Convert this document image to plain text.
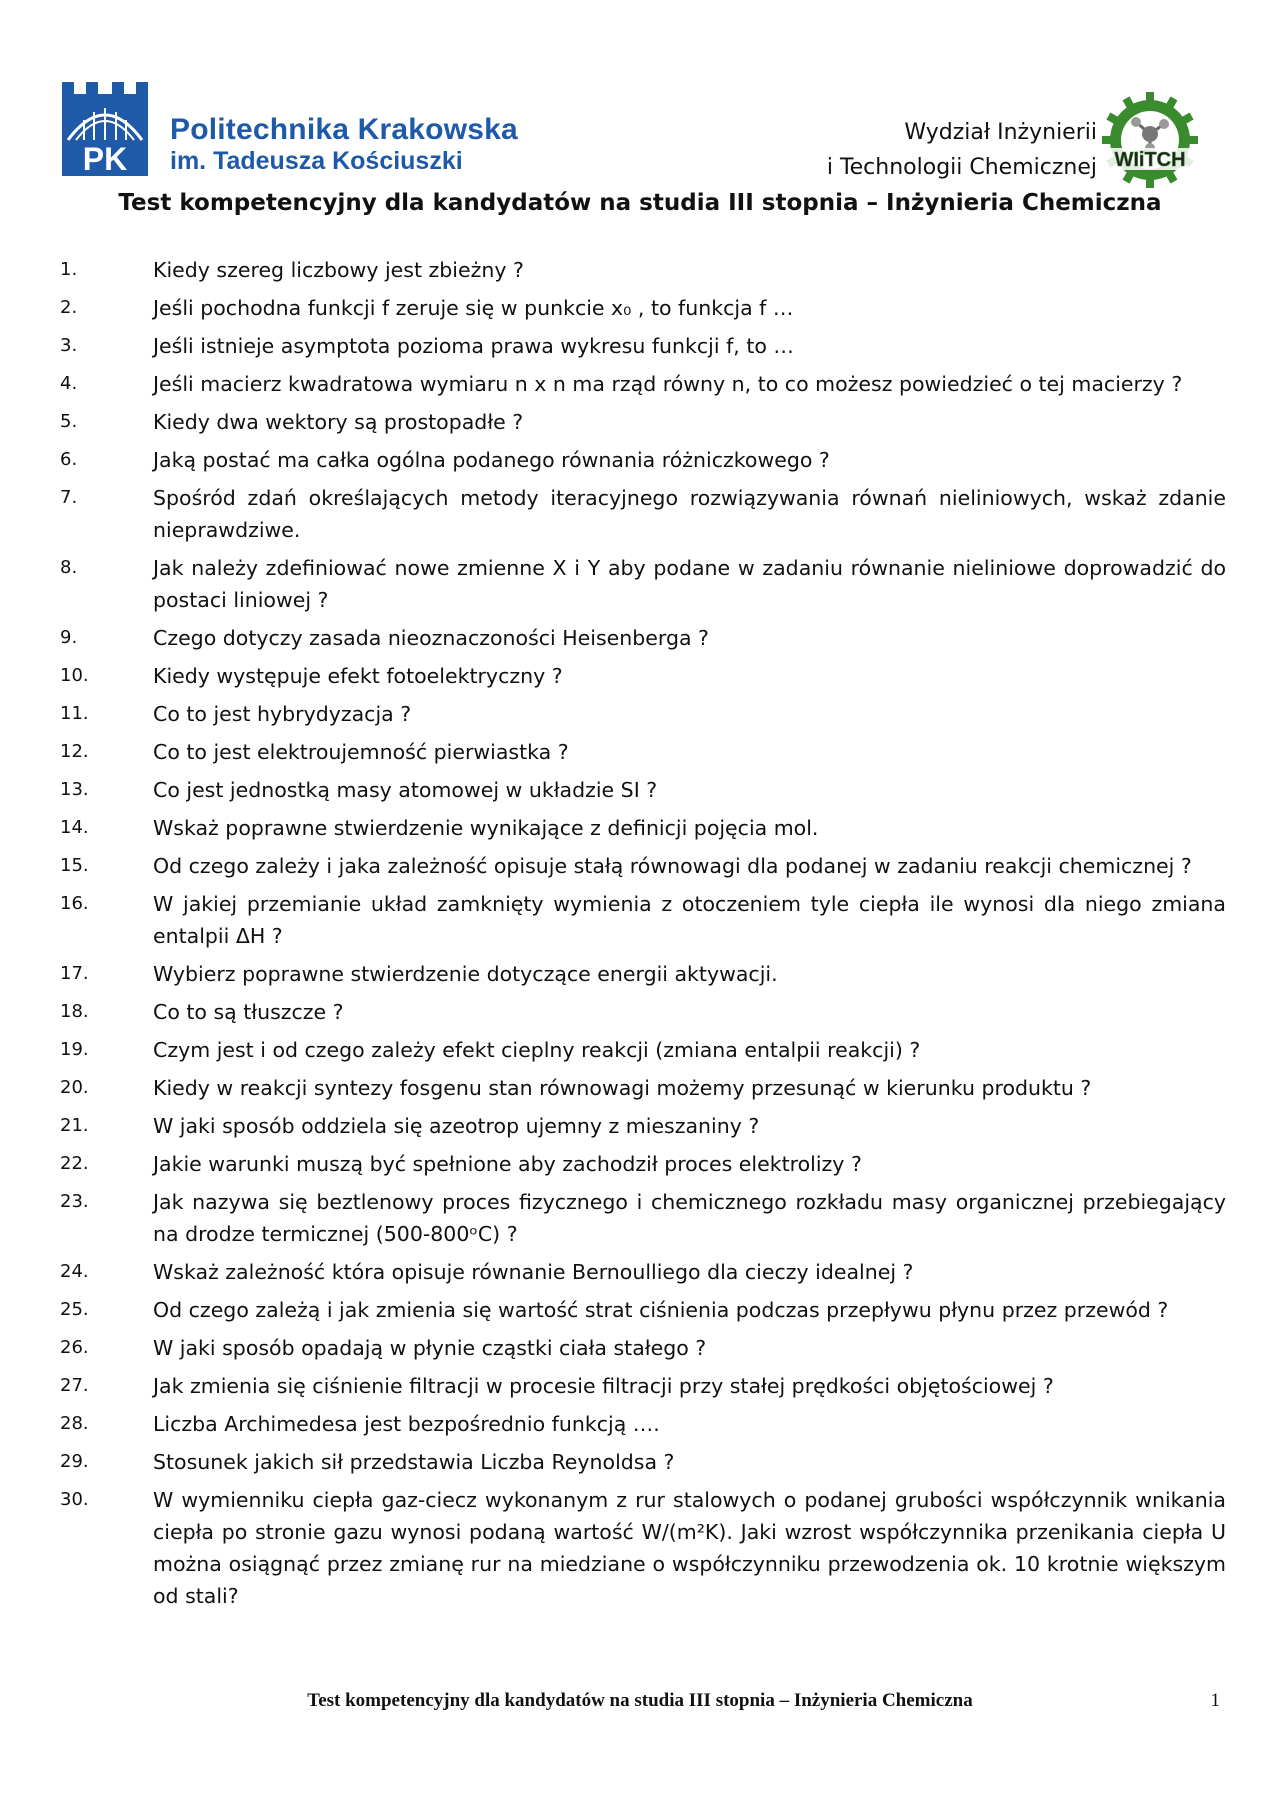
PK
Politechnika Krakowska
im. Tadeusza Kościuszki
Wydział Inżynierii
i Technologii Chemicznej WIiTCH
Test kompetencyjny dla kandydatów na studia III stopnia – Inżynieria Chemiczna
1.	Kiedy szereg liczbowy jest zbieżny ?
2.	Jeśli pochodna funkcji f zeruje się w punkcie x₀ , to funkcja f …
3.	Jeśli istnieje asymptota pozioma prawa wykresu funkcji f, to …
4.	Jeśli macierz kwadratowa wymiaru n x n ma rząd równy n, to co możesz powiedzieć o tej macierzy ?
5.	Kiedy dwa wektory są prostopadłe ?
6.	Jaką postać ma całka ogólna podanego równania różniczkowego ?
7.	Spośród zdań określających metody iteracyjnego rozwiązywania równań nieliniowych, wskaż zdanie nieprawdziwe.
8.	Jak należy zdefiniować nowe zmienne X i Y aby podane w zadaniu równanie nieliniowe doprowadzić do postaci liniowej ?
9.	Czego dotyczy zasada nieoznaczoności Heisenberga ?
10.	Kiedy występuje efekt fotoelektryczny ?
11.	Co to jest hybrydyzacja ?
12.	Co to jest elektroujemność pierwiastka ?
13.	Co jest jednostką masy atomowej w układzie SI ?
14.	Wskaż poprawne stwierdzenie wynikające z definicji pojęcia mol.
15.	Od czego zależy i jaka zależność opisuje stałą równowagi dla podanej w zadaniu reakcji chemicznej ?
16.	W jakiej przemianie układ zamknięty wymienia z otoczeniem tyle ciepła ile wynosi dla niego zmiana entalpii ΔH ?
17.	Wybierz poprawne stwierdzenie dotyczące energii aktywacji.
18.	Co to są tłuszcze ?
19.	Czym jest i od czego zależy efekt cieplny reakcji (zmiana entalpii reakcji) ?
20.	Kiedy w reakcji syntezy fosgenu stan równowagi możemy przesunąć w kierunku produktu ?
21.	W jaki sposób oddziela się azeotrop ujemny z mieszaniny ?
22.	Jakie warunki muszą być spełnione aby zachodził proces elektrolizy ?
23.	Jak nazywa się beztlenowy proces fizycznego i chemicznego rozkładu masy organicznej przebiegający na drodze termicznej (500-800ᵒC) ?
24.	Wskaż zależność która opisuje równanie Bernoulliego dla cieczy idealnej ?
25.	Od czego zależą i jak zmienia się wartość strat ciśnienia podczas przepływu płynu przez przewód ?
26.	W jaki sposób opadają w płynie cząstki ciała stałego ?
27.	Jak zmienia się ciśnienie filtracji w procesie filtracji przy stałej prędkości objętościowej ?
28.	Liczba Archimedesa jest bezpośrednio funkcją ….
29.	Stosunek jakich sił przedstawia Liczba Reynoldsa ?
30.	W wymienniku ciepła gaz-ciecz wykonanym z rur stalowych o podanej grubości współczynnik wnikania ciepła po stronie gazu wynosi podaną wartość W/(m²K). Jaki wzrost współczynnika przenikania ciepła U można osiągnąć przez zmianę rur na miedziane o współczynniku przewodzenia ok. 10 krotnie większym od stali?
Test kompetencyjny dla kandydatów na studia III stopnia – Inżynieria Chemiczna	1
